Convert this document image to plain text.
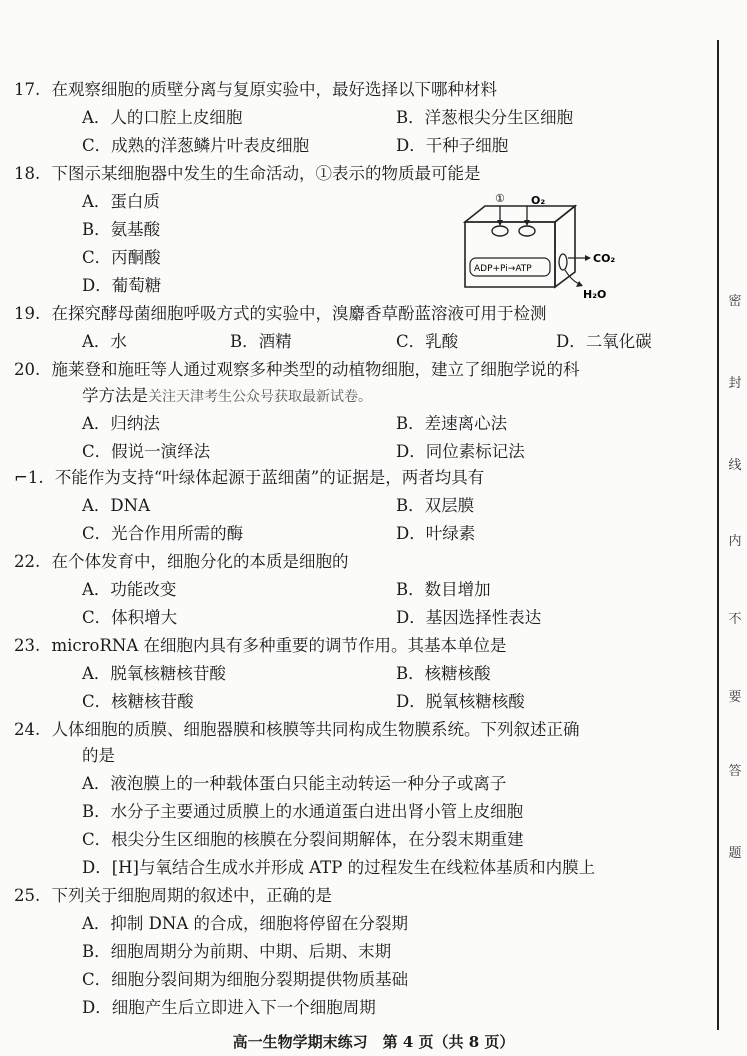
17. 在观察细胞的质壁分离与复原实验中，最好选择以下哪种材料
A．人的口腔上皮细胞	B．洋葱根尖分生区细胞
C．成熟的洋葱鳞片叶表皮细胞	D．干种子细胞
18. 下图示某细胞器中发生的生命活动，①表示的物质最可能是
A．蛋白质
B．氨基酸
C．丙酮酸
D．葡萄糖
① O₂
ADP+Pi→ATP
CO₂
H₂O
19. 在探究酵母菌细胞呼吸方式的实验中，溴麝香草酚蓝溶液可用于检测
A．水	B．酒精	C．乳酸	D．二氧化碳
20. 施莱登和施旺等人通过观察多种类型的动植物细胞，建立了细胞学说的科
学方法是关注天津考生公众号获取最新试卷。
A．归纳法	B．差速离心法
C．假说一演绎法	D．同位素标记法
⌐1. 不能作为支持“叶绿体起源于蓝细菌”的证据是，两者均具有
A．DNA	B．双层膜
C．光合作用所需的酶	D．叶绿素
22. 在个体发育中，细胞分化的本质是细胞的
A．功能改变	B．数目增加
C．体积增大	D．基因选择性表达
23. microRNA 在细胞内具有多种重要的调节作用。其基本单位是
A．脱氧核糖核苷酸	B．核糖核酸
C．核糖核苷酸	D．脱氧核糖核酸
24. 人体细胞的质膜、细胞器膜和核膜等共同构成生物膜系统。下列叙述正确
的是
A．液泡膜上的一种载体蛋白只能主动转运一种分子或离子
B．水分子主要通过质膜上的水通道蛋白进出肾小管上皮细胞
C．根尖分生区细胞的核膜在分裂间期解体，在分裂末期重建
D．[H]与氧结合生成水并形成 ATP 的过程发生在线粒体基质和内膜上
25. 下列关于细胞周期的叙述中，正确的是
A．抑制 DNA 的合成，细胞将停留在分裂期
B．细胞周期分为前期、中期、后期、末期
C．细胞分裂间期为细胞分裂期提供物质基础
D．细胞产生后立即进入下一个细胞周期
密
封
线
内
不
要
答
题
高一生物学期末练习　第 4 页（共 8 页）
